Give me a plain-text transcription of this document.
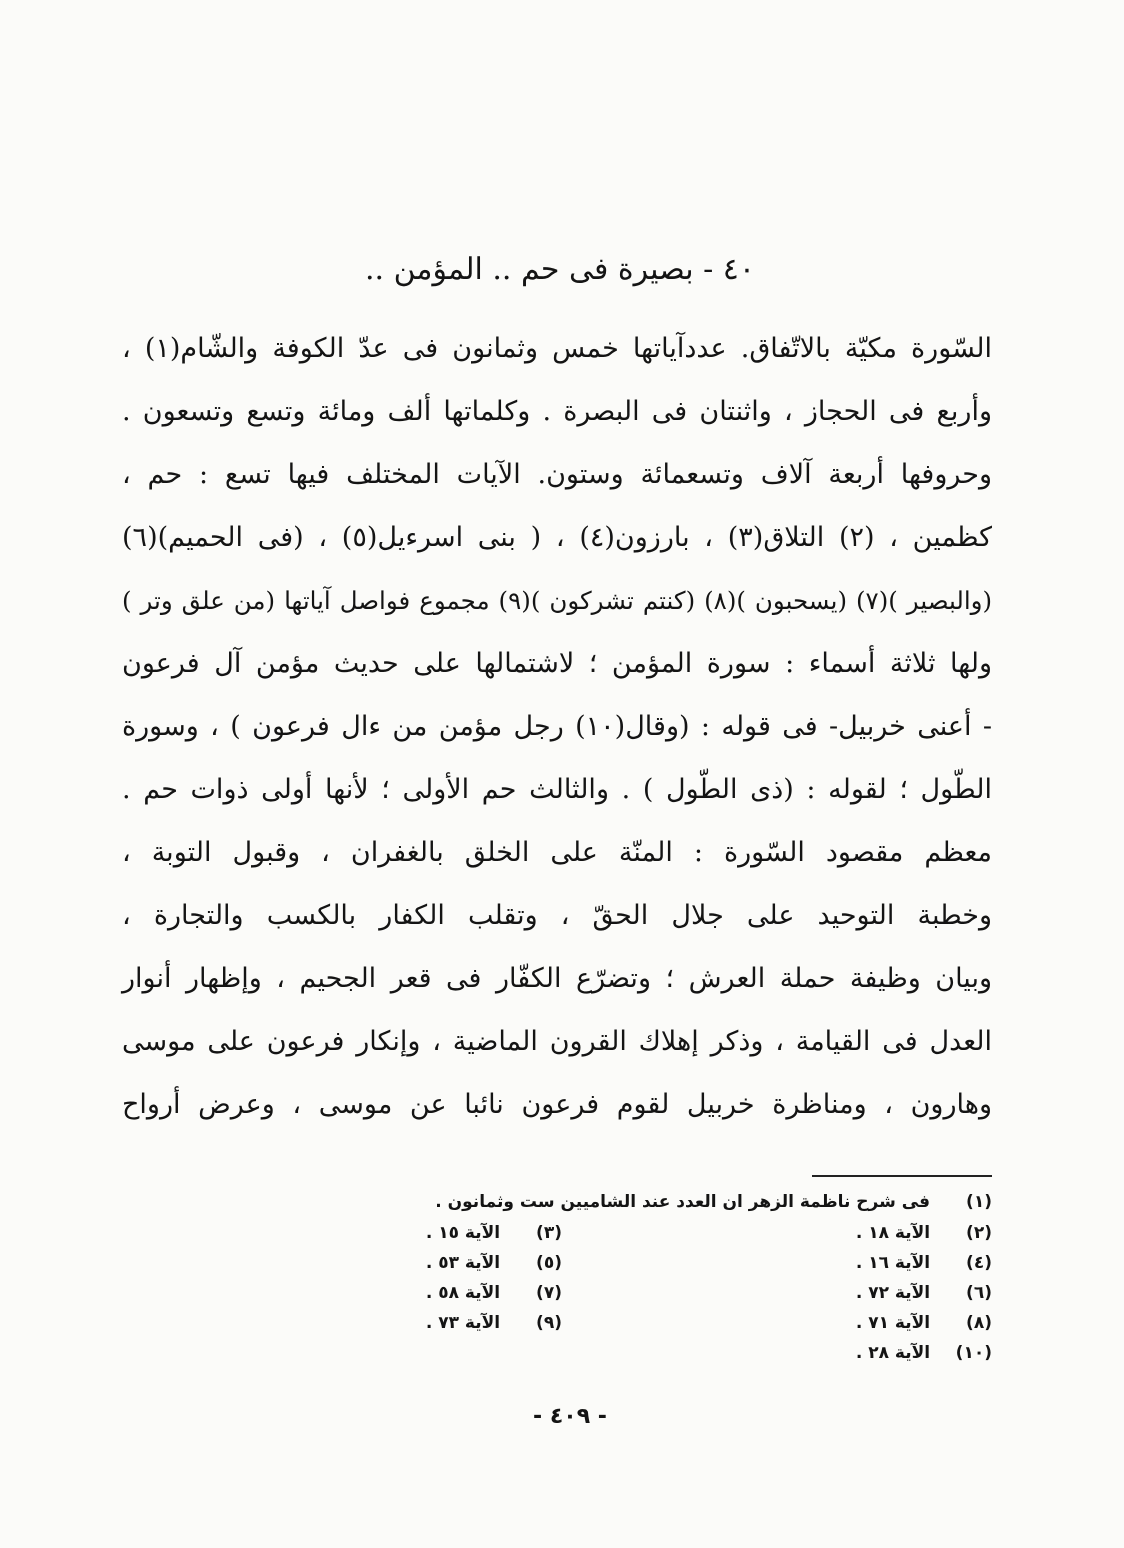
٤٠ - بصيرة فى حم .. المؤمن ..
السّورة مكيّة بالاتّفاق. عددآياتها خمس وثمانون فى عدّ الكوفة والشّام(١) ،
وأربع فى الحجاز ، واثنتان فى البصرة . وكلماتها ألف ومائة وتسع وتسعون .
وحروفها أربعة آلاف وتسعمائة وستون. الآيات المختلف فيها تسع : حم ،
كظمين ، (٢) التلاق(٣) ، بارزون(٤) ، ( بنى اسرءيل(٥) ، (فى الحميم)(٦)
(والبصير )(٧) (يسحبون )(٨) (كنتم تشركون )(٩) مجموع فواصل آياتها (من علق وتر )
ولها ثلاثة أسماء : سورة المؤمن ؛ لاشتمالها على حديث مؤمن آل فرعون
- أعنى خربيل- فى قوله : (وقال(١٠) رجل مؤمن من ءال فرعون ) ، وسورة
الطّول ؛ لقوله : (ذى الطّول ) . والثالث حم الأولى ؛ لأنها أولى ذوات حم .
معظم مقصود السّورة : المنّة على الخلق بالغفران ، وقبول التوبة ،
وخطبة التوحيد على جلال الحقّ ، وتقلب الكفار بالكسب والتجارة ،
وبيان وظيفة حملة العرش ؛ وتضرّع الكفّار فى قعر الجحيم ، وإظهار أنوار
العدل فى القيامة ، وذكر إهلاك القرون الماضية ، وإنكار فرعون على موسى
وهارون ، ومناظرة خربيل لقوم فرعون نائبا عن موسى ، وعرض أرواح
(١) فى شرح ناظمة الزهر ان العدد عند الشاميين ست وثمانون .
(٢) الآية ١٨ .
(٣) الآية ١٥ .
(٤) الآية ١٦ .
(٥) الآية ٥٣ .
(٦) الآية ٧٢ .
(٧) الآية ٥٨ .
(٨) الآية ٧١ .
(٩) الآية ٧٣ .
(١٠) الآية ٢٨ .
- ٤٠٩ -
